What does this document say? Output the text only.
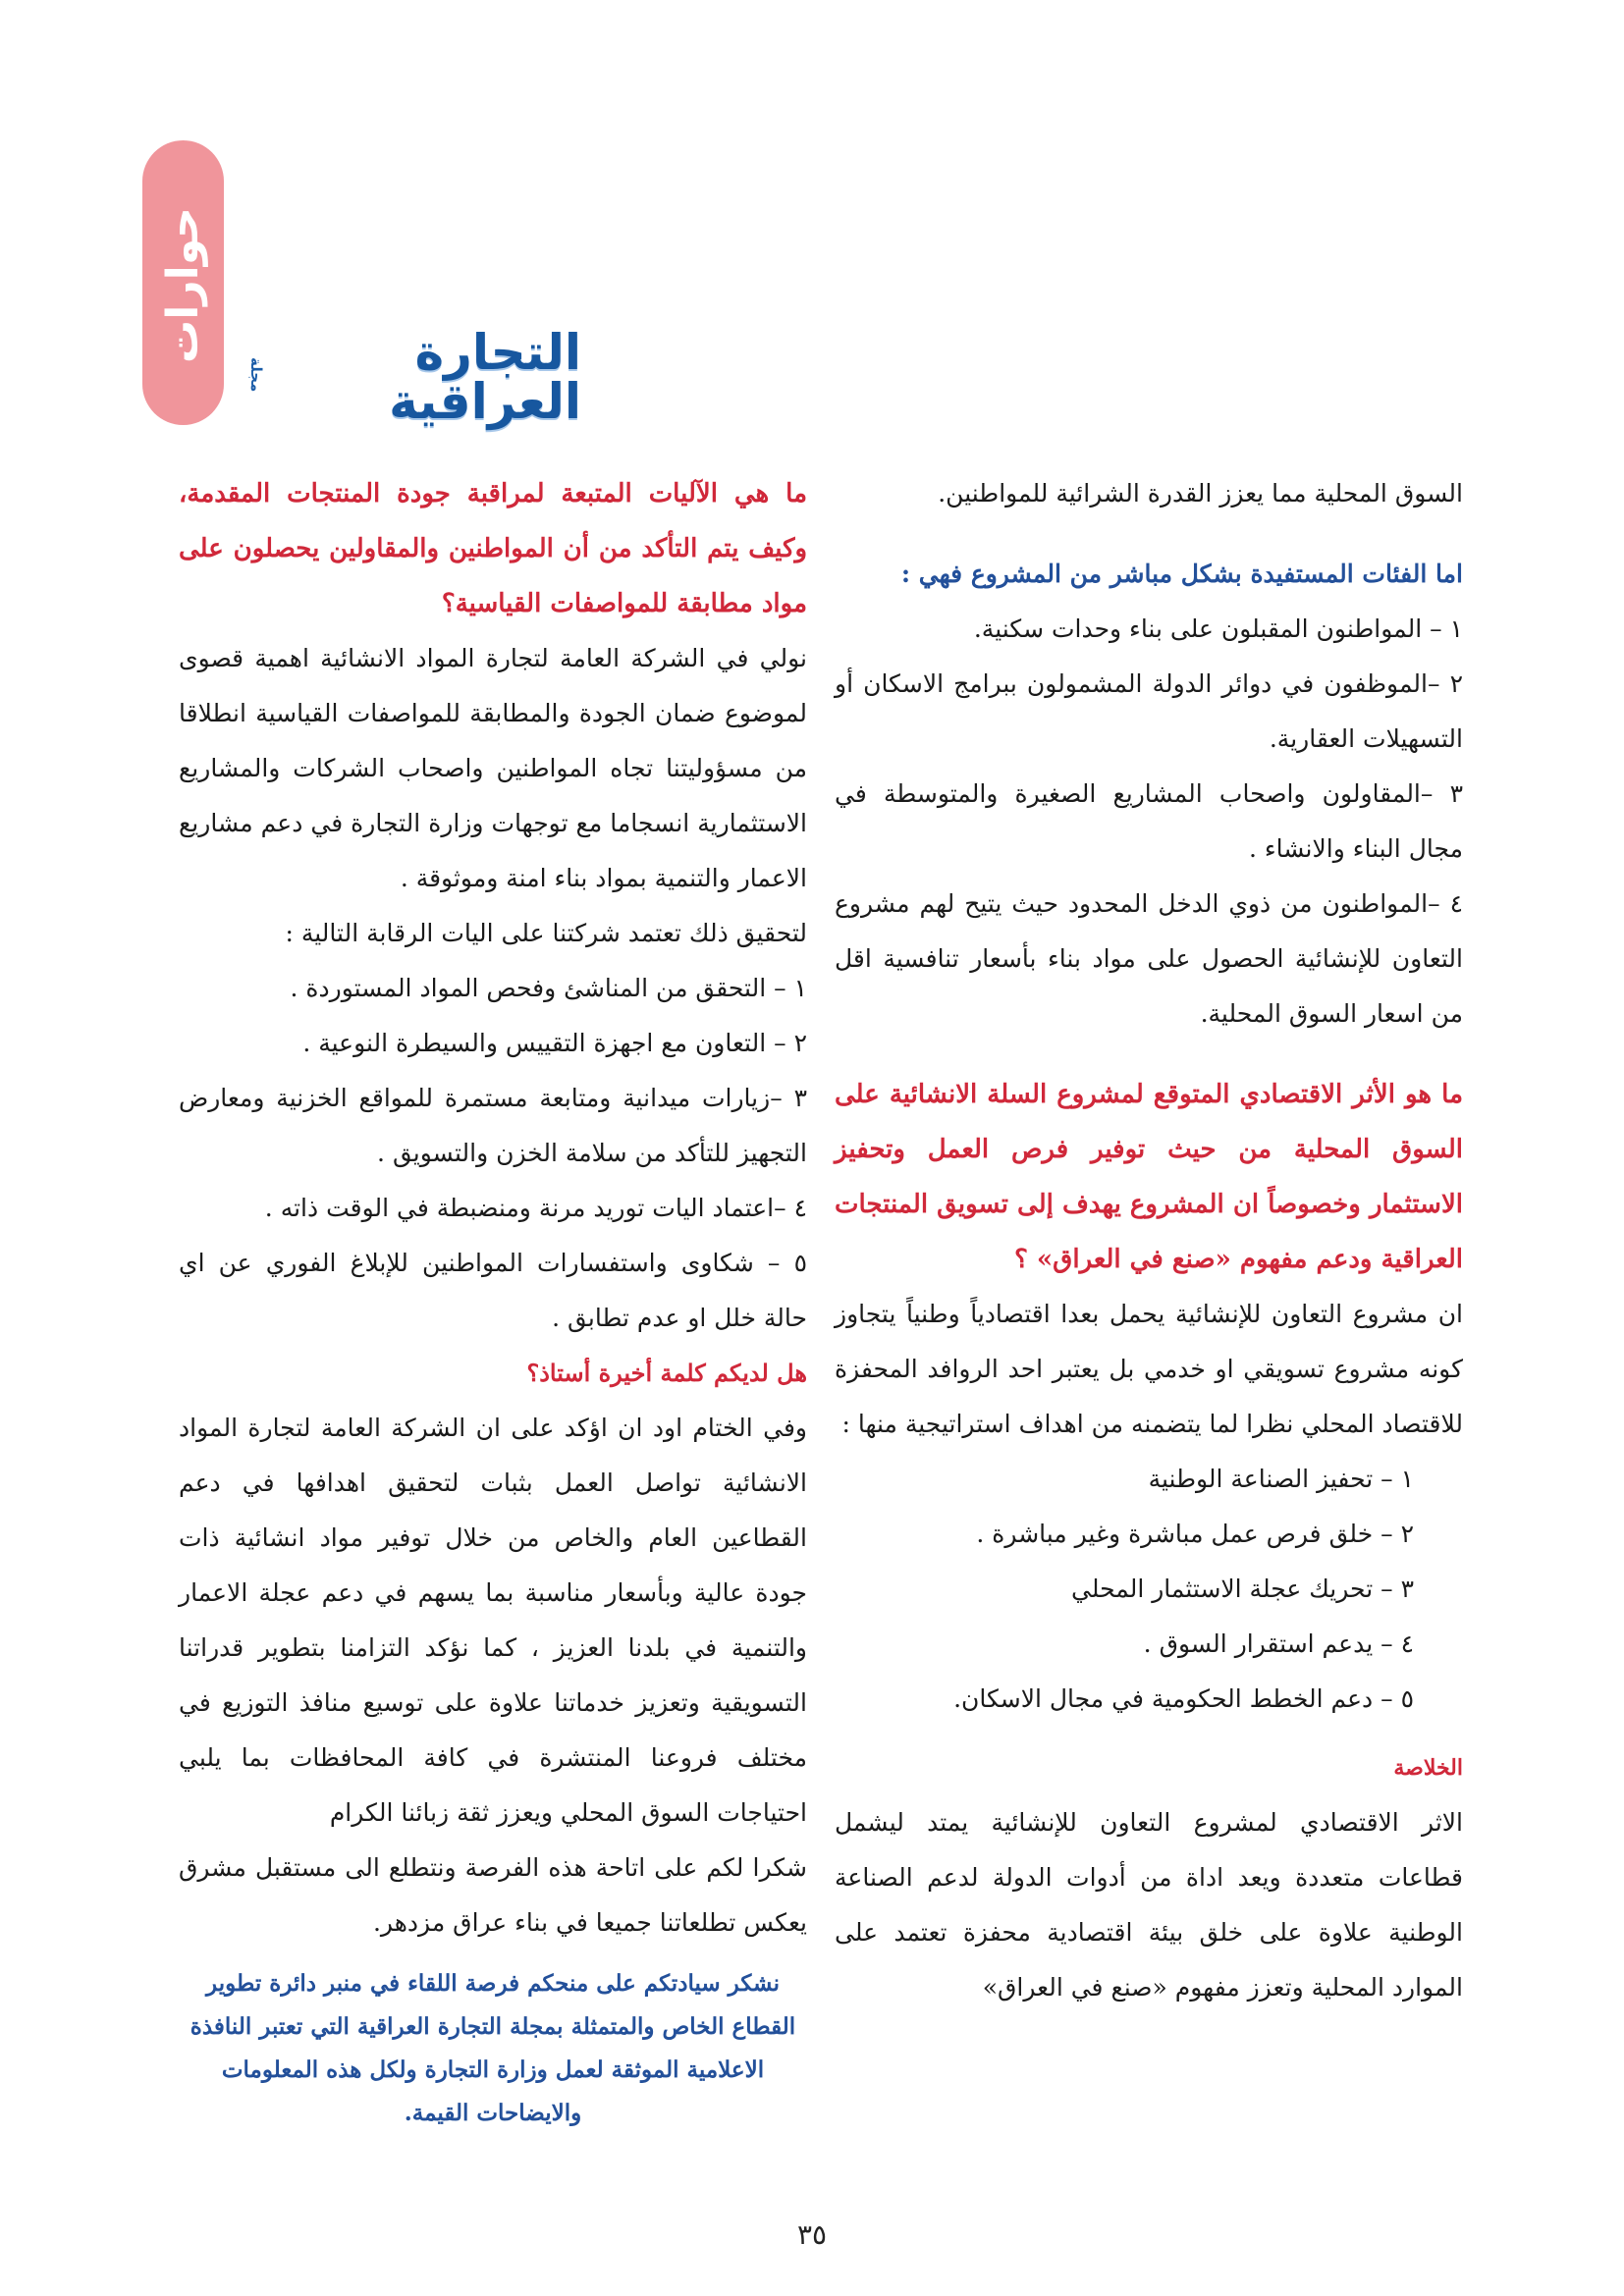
حوارات	التجارة العراقية
مجلة

السوق المحلية مما يعزز القدرة الشرائية للمواطنين.

اما الفئات المستفيدة بشكل مباشر من المشروع فهي :

١ – المواطنون المقبلون على بناء وحدات سكنية.

٢ –الموظفون في دوائر الدولة المشمولون ببرامج الاسكان أو التسهيلات العقارية.

٣ –المقاولون واصحاب المشاريع الصغيرة والمتوسطة في مجال البناء والانشاء .

٤ –المواطنون من ذوي الدخل المحدود حيث يتيح لهم مشروع التعاون للإنشائية الحصول على مواد بناء بأسعار تنافسية اقل من اسعار السوق المحلية.

ما هو الأثر الاقتصادي المتوقع لمشروع السلة الانشائية على السوق المحلية من حيث توفير فرص العمل وتحفيز الاستثمار وخصوصاً ان المشروع يهدف إلى تسويق المنتجات العراقية ودعم مفهوم «صنع في العراق» ؟

ان مشروع التعاون للإنشائية يحمل بعدا اقتصادياً وطنياً يتجاوز كونه مشروع تسويقي او خدمي بل يعتبر احد الروافد المحفزة للاقتصاد المحلي نظرا لما يتضمنه من اهداف استراتيجية منها :

١ – تحفيز الصناعة الوطنية

٢ – خلق فرص عمل مباشرة وغير مباشرة .

٣ – تحريك عجلة الاستثمار المحلي

٤ – يدعم استقرار السوق .

٥ – دعم الخطط الحكومية في مجال الاسكان.

الخلاصة

الاثر الاقتصادي لمشروع التعاون للإنشائية يمتد ليشمل قطاعات متعددة ويعد اداة من أدوات الدولة لدعم الصناعة الوطنية علاوة على خلق بيئة اقتصادية محفزة تعتمد على الموارد المحلية وتعزز مفهوم «صنع في العراق»

ما هي الآليات المتبعة لمراقبة جودة المنتجات المقدمة، وكيف يتم التأكد من أن المواطنين والمقاولين يحصلون على مواد مطابقة للمواصفات القياسية؟

نولي في الشركة العامة لتجارة المواد الانشائية اهمية قصوى لموضوع ضمان الجودة والمطابقة للمواصفات القياسية انطلاقا من مسؤوليتنا تجاه المواطنين واصحاب الشركات والمشاريع الاستثمارية انسجاما مع توجهات وزارة التجارة في دعم مشاريع الاعمار والتنمية بمواد بناء امنة وموثوقة .

لتحقيق ذلك تعتمد شركتنا على اليات الرقابة التالية :

١ – التحقق من المناشئ وفحص المواد المستوردة .

٢ – التعاون مع اجهزة التقييس والسيطرة النوعية .

٣ –زيارات ميدانية ومتابعة مستمرة للمواقع الخزنية ومعارض التجهيز للتأكد من سلامة الخزن والتسويق .

٤ –اعتماد اليات توريد مرنة ومنضبطة في الوقت ذاته .

٥ – شكاوى واستفسارات المواطنين للإبلاغ الفوري عن اي حالة خلل او عدم تطابق .

هل لديكم كلمة أخيرة أستاذ؟

وفي الختام اود ان اؤكد على ان الشركة العامة لتجارة المواد الانشائية تواصل العمل بثبات لتحقيق اهدافها في دعم القطاعين العام والخاص من خلال توفير مواد انشائية ذات جودة عالية وبأسعار مناسبة بما يسهم في دعم عجلة الاعمار والتنمية في بلدنا العزيز ، كما نؤكد التزامنا بتطوير قدراتنا التسويقية وتعزيز خدماتنا علاوة على توسيع منافذ التوزيع في مختلف فروعنا المنتشرة في كافة المحافظات بما يلبي احتياجات السوق المحلي ويعزز ثقة زبائنا الكرام

شكرا لكم على اتاحة هذه الفرصة ونتطلع الى مستقبل مشرق يعكس تطلعاتنا جميعا في بناء عراق مزدهر.

نشكر سيادتكم على منحكم فرصة اللقاء في منبر دائرة تطوير القطاع الخاص والمتمثلة بمجلة التجارة العراقية التي تعتبر النافذة الاعلامية الموثقة لعمل وزارة التجارة ولكل هذه المعلومات والايضاحات القيمة.

٣٥
